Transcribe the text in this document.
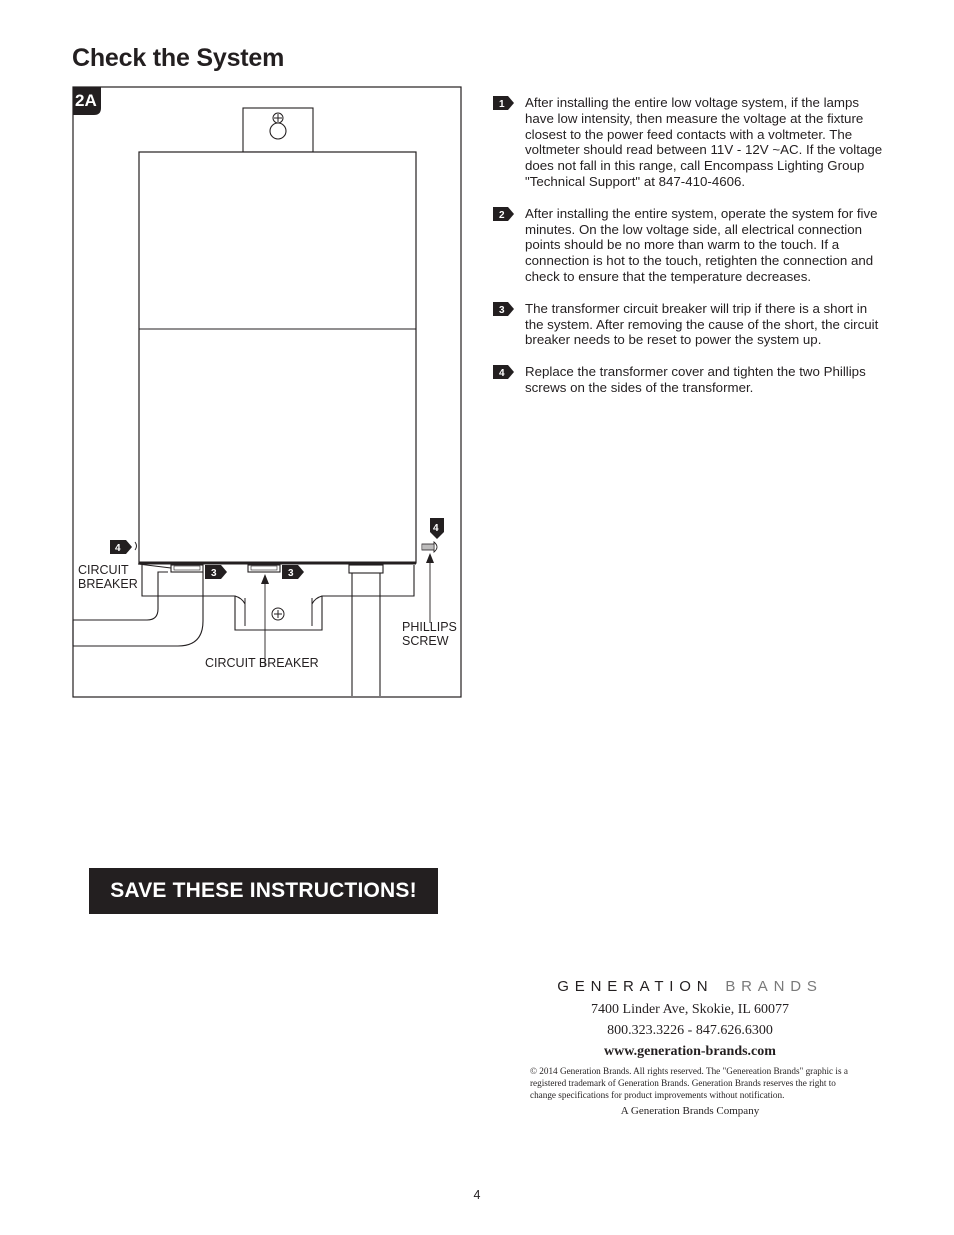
Check the System
2A
4
4
3	3
CIRCUIT BREAKER
CIRCUIT BREAKER
PHILLIPS SCREW
1 After installing the entire low voltage system, if the lamps have low intensity, then measure the voltage at the fixture closest to the power feed contacts with a voltmeter. The voltmeter should read between 11V - 12V ~AC. If the voltage does not fall in this range, call Encompass Lighting Group "Technical Support" at 847-410-4606.
2 After installing the entire system, operate the system for five minutes. On the low voltage side, all electrical connection points should be no more than warm to the touch. If a connection is hot to the touch, retighten the connection and check to ensure that the temperature decreases.
3 The transformer circuit breaker will trip if there is a short in the system. After removing the cause of the short, the circuit breaker needs to be reset to power the system up.
4 Replace the transformer cover and tighten the two Phillips screws on the sides of the transformer.
SAVE THESE INSTRUCTIONS!
GENERATION BRANDS
7400 Linder Ave, Skokie, IL 60077
800.323.3226 - 847.626.6300
www.generation-brands.com
© 2014 Generation Brands. All rights reserved. The "Genereation Brands" graphic is a registered trademark of Generation Brands. Generation Brands reserves the right to change specifications for product improvements without notification.
A Generation Brands Company
4
